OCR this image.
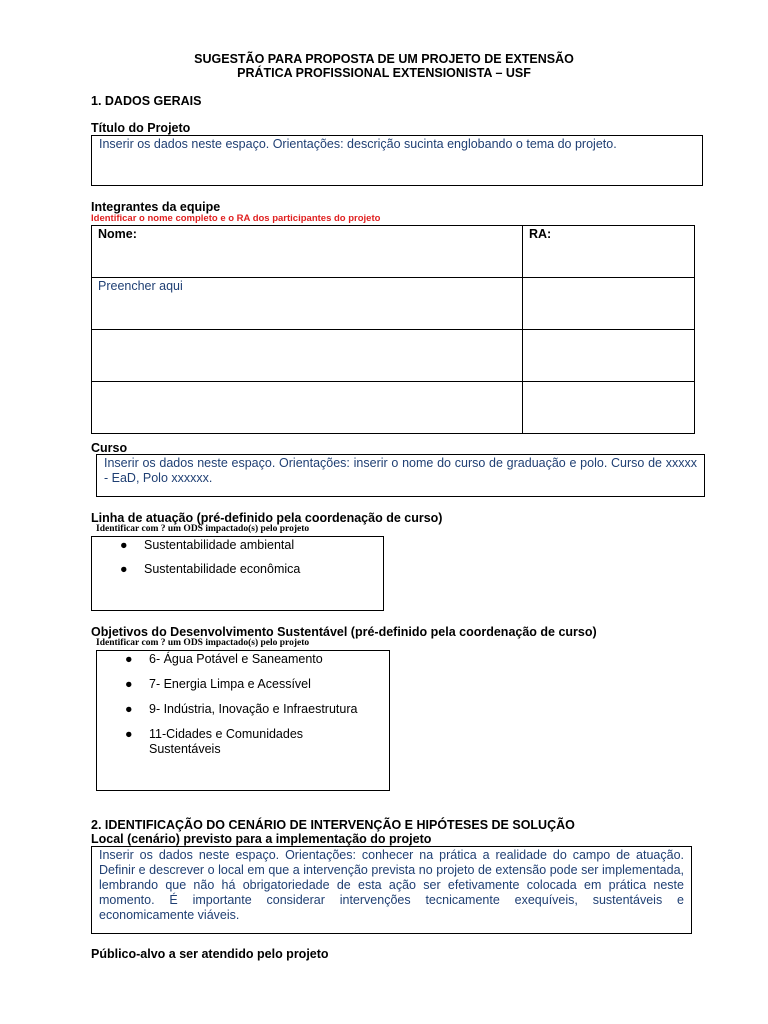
SUGESTÃO PARA PROPOSTA DE UM PROJETO DE EXTENSÃO
PRÁTICA PROFISSIONAL EXTENSIONISTA – USF
1. DADOS GERAIS
Título do Projeto
Inserir os dados neste espaço. Orientações: descrição sucinta englobando o tema do projeto.
Integrantes da equipe
Identificar o nome completo e o RA dos participantes do projeto
Nome:	RA:
Preencher aqui	

Curso
Inserir os dados neste espaço. Orientações: inserir o nome do curso de graduação e polo. Curso de xxxxx - EaD, Polo xxxxxx.
Linha de atuação (pré-definido pela coordenação de curso)
Identificar com ? um ODS impactado(s) pelo projeto
● Sustentabilidade ambiental
● Sustentabilidade econômica
Objetivos do Desenvolvimento Sustentável (pré-definido pela coordenação de curso)
Identificar com ? um ODS impactado(s) pelo projeto
● 6- Água Potável e Saneamento
● 7- Energia Limpa e Acessível
● 9- Indústria, Inovação e Infraestrutura
● 11-Cidades e Comunidades Sustentáveis
2. IDENTIFICAÇÃO DO CENÁRIO DE INTERVENÇÃO E HIPÓTESES DE SOLUÇÃO
Local (cenário) previsto para a implementação do projeto
Inserir os dados neste espaço. Orientações: conhecer na prática a realidade do campo de atuação. Definir e descrever o local em que a intervenção prevista no projeto de extensão pode ser implementada, lembrando que não há obrigatoriedade de esta ação ser efetivamente colocada em prática neste momento. É importante considerar intervenções tecnicamente exequíveis, sustentáveis e economicamente viáveis.
Público-alvo a ser atendido pelo projeto
